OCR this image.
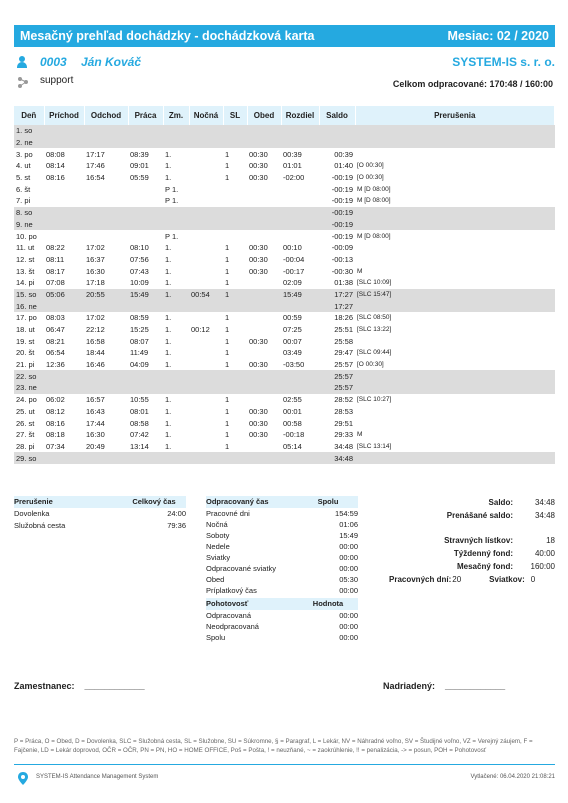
Mesačný prehľad dochádzky - dochádzková karta	Mesiac: 02 / 2020
0003 Ján Kováč	SYSTEM-IS s. r. o.
support	Celkom odpracované: 170:48 / 160:00
Deň	Príchod	Odchod	Práca	Zm.	Nočná	SL	Obed	Rozdiel	Saldo	Prerušenia
1. so										
2. ne										
3. po	08:08	17:17	08:39	1.		1	00:30	00:39	00:39	
4. ut	08:14	17:46	09:01	1.		1	00:30	01:01	01:40	[O 00:30]
5. st	08:16	16:54	05:59	1.		1	00:30	-02:00	-00:19	[O 00:30]
6. št				P 1.					-00:19	M [D 08:00]
7. pi				P 1.					-00:19	M [D 08:00]
8. so									-00:19	
9. ne									-00:19	
10. po				P 1.					-00:19	M [D 08:00]
11. ut	08:22	17:02	08:10	1.		1	00:30	00:10	-00:09	
12. st	08:11	16:37	07:56	1.		1	00:30	-00:04	-00:13	
13. št	08:17	16:30	07:43	1.		1	00:30	-00:17	-00:30	M
14. pi	07:08	17:18	10:09	1.		1		02:09	01:38	[SLC 10:09]
15. so	05:06	20:55	15:49	1.	00:54	1		15:49	17:27	[SLC 15:47]
16. ne									17:27	
17. po	08:03	17:02	08:59	1.		1		00:59	18:26	[SLC 08:50]
18. ut	06:47	22:12	15:25	1.	00:12	1		07:25	25:51	[SLC 13:22]
19. st	08:21	16:58	08:07	1.		1	00:30	00:07	25:58	
20. št	06:54	18:44	11:49	1.		1		03:49	29:47	[SLC 09:44]
21. pi	12:36	16:46	04:09	1.		1	00:30	-03:50	25:57	[O 00:30]
22. so									25:57	
23. ne									25:57	
24. po	06:02	16:57	10:55	1.		1		02:55	28:52	[SLC 10:27]
25. ut	08:12	16:43	08:01	1.		1	00:30	00:01	28:53	
26. st	08:16	17:44	08:58	1.		1	00:30	00:58	29:51	
27. št	08:18	16:30	07:42	1.		1	00:30	-00:18	29:33	M
28. pi	07:34	20:49	13:14	1.		1		05:14	34:48	[SLC 13:14]
29. so									34:48	
Prerušenie	Celkový čas
Dovolenka	24:00
Služobná cesta	79:36
Odpracovaný čas	Spolu
Pracovné dni	154:59
Nočná	01:06
Soboty	15:49
Nedele	00:00
Sviatky	00:00
Odpracované sviatky	00:00
Obed	05:30
Príplatkový čas	00:00
Pohotovosť	Hodnota
Odpracovaná	00:00
Neodpracovaná	00:00
Spolu	00:00
Saldo:	34:48
Prenášané saldo:	34:48
Stravných lístkov:	18
Týždenný fond:	40:00
Mesačný fond:	160:00
Pracovných dní: 20	Sviatkov: 0
Zamestnanec: ____________	Nadriadený: ____________
P = Práca, O = Obed, D = Dovolenka, SLC = Služobná cesta, SL = Služobne, SU = Súkromne, § = Paragraf, L = Lekár, NV = Náhradné voľno, SV = Študijné voľno, VZ = Verejný záujem, F = Fajčenie, LD = Lekár doprovod, OČR = OČR, PN = PN, HO = HOME OFFICE, Poš = Pošta, ! = neuzňané, ~ = zaokrúhlenie, !! = penalizácia, -> = posun, POH = Pohotovosť
SYSTEM-IS Attendance Management System	Vytlačené: 06.04.2020 21:08:21
